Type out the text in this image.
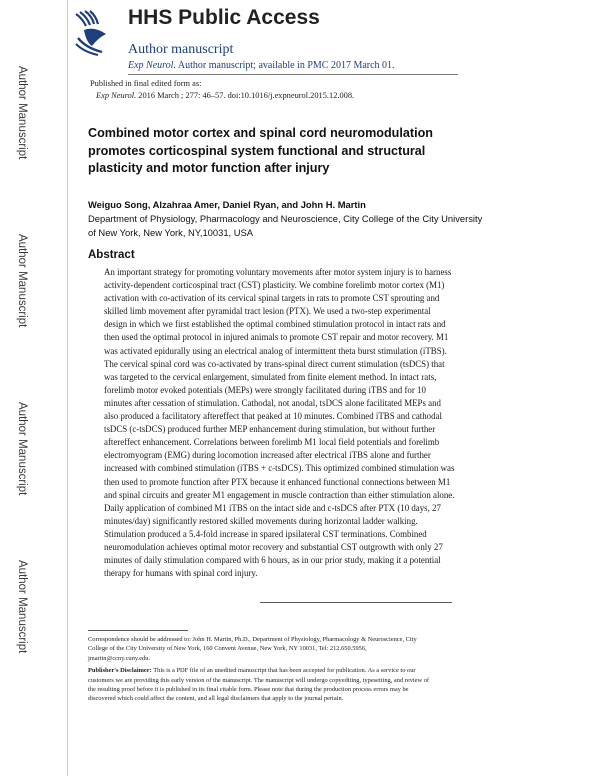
Author Manuscript
Author Manuscript
Author Manuscript
Author Manuscript
HHS Public Access
Author manuscript
Exp Neurol. Author manuscript; available in PMC 2017 March 01.
Published in final edited form as:
Exp Neurol. 2016 March ; 277: 46–57. doi:10.1016/j.expneurol.2015.12.008.
Combined motor cortex and spinal cord neuromodulation
promotes corticospinal system functional and structural
plasticity and motor function after injury
Weiguo Song, Alzahraa Amer, Daniel Ryan, and John H. Martin
Department of Physiology, Pharmacology and Neuroscience, City College of the City University
of New York, New York, NY,10031, USA
Abstract
An important strategy for promoting voluntary movements after motor system injury is to harness
activity-dependent corticospinal tract (CST) plasticity. We combine forelimb motor cortex (M1)
activation with co-activation of its cervical spinal targets in rats to promote CST sprouting and
skilled limb movement after pyramidal tract lesion (PTX). We used a two-step experimental
design in which we first established the optimal combined stimulation protocol in intact rats and
then used the optimal protocol in injured animals to promote CST repair and motor recovery. M1
was activated epidurally using an electrical analog of intermittent theta burst stimulation (iTBS).
The cervical spinal cord was co-activated by trans-spinal direct current stimulation (tsDCS) that
was targeted to the cervical enlargement, simulated from finite element method. In intact rats,
forelimb motor evoked potentials (MEPs) were strongly facilitated during iTBS and for 10
minutes after cessation of stimulation. Cathodal, not anodal, tsDCS alone facilitated MEPs and
also produced a facilitatory aftereffect that peaked at 10 minutes. Combined iTBS and cathodal
tsDCS (c-tsDCS) produced further MEP enhancement during stimulation, but without further
aftereffect enhancement. Correlations between forelimb M1 local field potentials and forelimb
electromyogram (EMG) during locomotion increased after electrical iTBS alone and further
increased with combined stimulation (iTBS + c-tsDCS). This optimized combined stimulation was
then used to promote function after PTX because it enhanced functional connections between M1
and spinal circuits and greater M1 engagement in muscle contraction than either stimulation alone.
Daily application of combined M1 iTBS on the intact side and c-tsDCS after PTX (10 days, 27
minutes/day) significantly restored skilled movements during horizontal ladder walking.
Stimulation produced a 5.4-fold increase in spared ipsilateral CST terminations. Combined
neuromodulation achieves optimal motor recovery and substantial CST outgrowth with only 27
minutes of daily stimulation compared with 6 hours, as in our prior study, making it a potential
therapy for humans with spinal cord injury.
Correspondence should be addressed to: John H. Martin, Ph.D., Department of Physiology, Pharmacology & Neuroscience, City
College of the City University of New York, 160 Convent Avenue, New York, NY 10031, Tel: 212.650.5956,
jmartin@ccny.cuny.edu.
Publisher's Disclaimer: This is a PDF file of an unedited manuscript that has been accepted for publication. As a service to our
customers we are providing this early version of the manuscript. The manuscript will undergo copyediting, typesetting, and review of
the resulting proof before it is published in its final citable form. Please note that during the production process errors may be
discovered which could affect the content, and all legal disclaimers that apply to the journal pertain.
